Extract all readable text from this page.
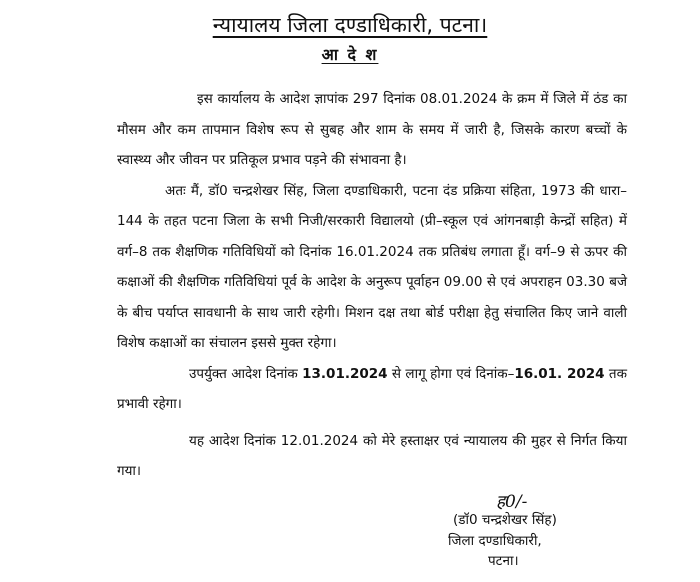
न्यायालय जिला दण्डाधिकारी, पटना।
आ दे श

इस कार्यालय के आदेश ज्ञापांक 297 दिनांक 08.01.2024 के क्रम में जिले में ठंड का मौसम और कम तापमान विशेष रूप से सुबह और शाम के समय में जारी है, जिसके कारण बच्चों के स्वास्थ्य और जीवन पर प्रतिकूल प्रभाव पड़ने की संभावना है।

अतः मैं, डॉ0 चन्द्रशेखर सिंह, जिला दण्डाधिकारी, पटना दंड प्रक्रिया संहिता, 1973 की धारा–144 के तहत पटना जिला के सभी निजी/सरकारी विद्यालयो (प्री–स्कूल एवं आंगनबाड़ी केन्द्रों सहित) में वर्ग–8 तक शैक्षणिक गतिविधियों को दिनांक 16.01.2024 तक प्रतिबंध लगाता हूँ। वर्ग–9 से ऊपर की कक्षाओं की शैक्षणिक गतिविधियां पूर्व के आदेश के अनुरूप पूर्वाहन 09.00 से एवं अपराहन 03.30 बजे के बीच पर्याप्त सावधानी के साथ जारी रहेगी। मिशन दक्ष तथा बोर्ड परीक्षा हेतु संचालित किए जाने वाली विशेष कक्षाओं का संचालन इससे मुक्त रहेगा।

उपर्युक्त आदेश दिनांक 13.01.2024 से लागू होगा एवं दिनांक–16.01. 2024 तक प्रभावी रहेगा।

यह आदेश दिनांक 12.01.2024 को मेरे हस्ताक्षर एवं न्यायालय की मुहर से निर्गत किया गया।

ह0/-
(डॉ0 चन्द्रशेखर सिंह)
जिला दण्डाधिकारी,
पटना।
